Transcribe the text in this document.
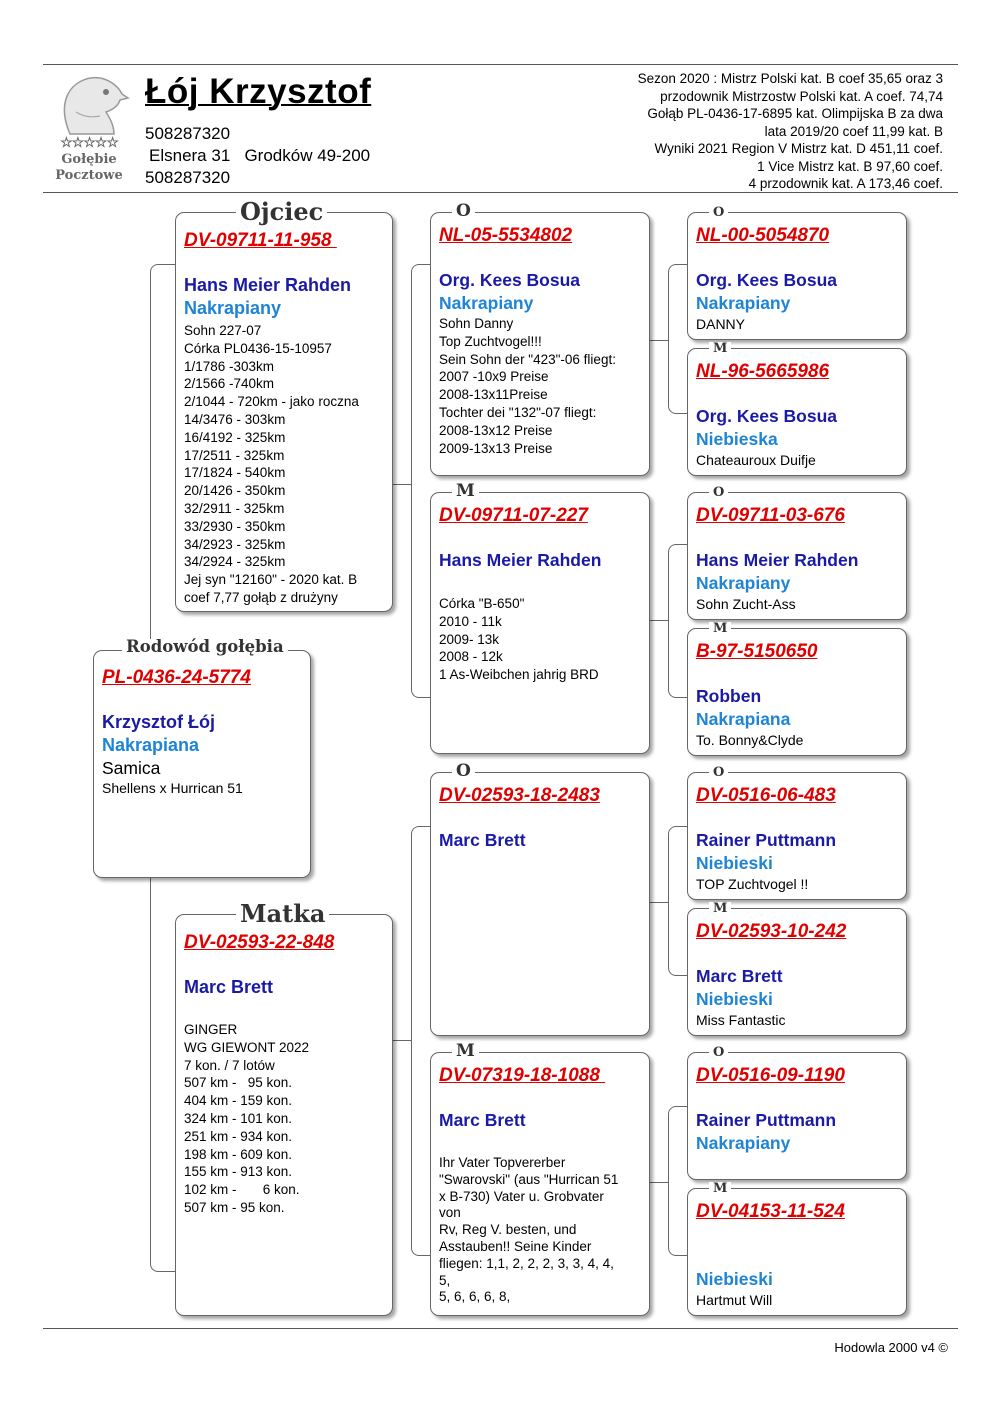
☆☆☆☆☆
Gołębie
Pocztowe
Łój Krzysztof
508287320
Elsnera 31   Grodków 49-200
508287320
Sezon 2020 : Mistrz Polski kat. B coef 35,65 oraz 3
przodownik Mistrzostw Polski kat. A coef. 74,74
Gołąb PL-0436-17-6895 kat. Olimpijska B za dwa
lata 2019/20 coef 11,99 kat. B
Wyniki 2021 Region V Mistrz kat. D 451,11 coef.
1 Vice Mistrz kat. B 97,60 coef.
4 przodownik kat. A 173,46 coef.
PL-0436-24-5774
Krzysztof Łój
Nakrapiana
Samica
Shellens x Hurrican 51
Rodowód gołębia
DV-09711-11-958
Hans Meier Rahden
Nakrapiany
Sohn 227-07
Córka PL0436-15-10957
1/1786 -303km
2/1566 -740km
2/1044 - 720km - jako roczna
14/3476 - 303km
16/4192 - 325km
17/2511 - 325km
17/1824 - 540km
20/1426 - 350km
32/2911 - 325km
33/2930 - 350km
34/2923 - 325km
34/2924 - 325km
Jej syn "12160" - 2020 kat. B
coef 7,77 gołąb z drużyny
Ojciec
DV-02593-22-848
Marc Brett
GINGER
WG GIEWONT 2022
7 kon. / 7 lotów
507 km -   95 kon.
404 km - 159 kon.
324 km - 101 kon.
251 km - 934 kon.
198 km - 609 kon.
155 km - 913 kon.
102 km -       6 kon.
507 km - 95 kon.
Matka
NL-05-5534802
Org. Kees Bosua
Nakrapiany
Sohn Danny
Top Zuchtvogel!!!
Sein Sohn der "423"-06 fliegt:
2007 -10x9 Preise
2008-13x11Preise
Tochter dei "132"-07 fliegt:
2008-13x12 Preise
2009-13x13 Preise
O
DV-09711-07-227
Hans Meier Rahden
Córka "B-650"
2010 - 11k
2009- 13k
2008 - 12k
1 As-Weibchen jahrig BRD
M
DV-02593-18-2483
Marc Brett
O
DV-07319-18-1088
Marc Brett
Ihr Vater Topvererber
"Swarovski" (aus "Hurrican 51
x B-730) Vater u. Grobvater
von
Rv, Reg V. besten, und
Asstauben!! Seine Kinder
fliegen: 1,1, 2, 2, 2, 3, 3, 4, 4,
5,
5, 6, 6, 6, 8,
M
NL-00-5054870
Org. Kees Bosua
Nakrapiany
DANNY
O
NL-96-5665986
Org. Kees Bosua
Niebieska
Chateauroux Duifje
M
DV-09711-03-676
Hans Meier Rahden
Nakrapiany
Sohn Zucht-Ass
O
B-97-5150650
Robben
Nakrapiana
To. Bonny&Clyde
M
DV-0516-06-483
Rainer Puttmann
Niebieski
TOP Zuchtvogel !!
O
DV-02593-10-242
Marc Brett
Niebieski
Miss Fantastic
M
DV-0516-09-1190
Rainer Puttmann
Nakrapiany
O
DV-04153-11-524
Niebieski
Hartmut Will
M
Hodowla 2000 v4 ©
